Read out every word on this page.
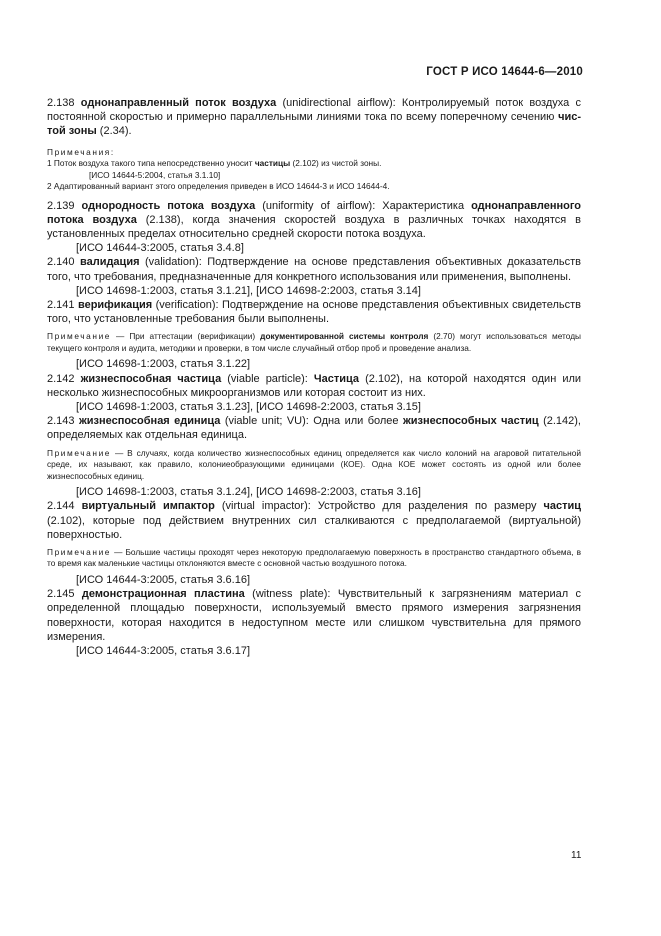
ГОСТ Р ИСО 14644-6—2010

2.138 однонаправленный поток воздуха (unidirectional airflow): Контролируемый поток воздуха с постоянной скоростью и примерно параллельными линиями тока по всему поперечному сечению чис-той зоны (2.34).

Примечания:

1 Поток воздуха такого типа непосредственно уносит частицы (2.102) из чистой зоны.

[ИСО 14644-5:2004, статья 3.1.10]

2 Адаптированный вариант этого определения приведен в ИСО 14644-3 и ИСО 14644-4.

2.139 однородность потока воздуха (uniformity of airflow): Характеристика однонаправленного потока воздуха (2.138), когда значения скоростей воздуха в различных точках находятся в установленных пределах относительно средней скорости потока воздуха.

[ИСО 14644-3:2005, статья 3.4.8]

2.140 валидация (validation): Подтверждение на основе представления объективных доказательств того, что требования, предназначенные для конкретного использования или применения, выполнены.

[ИСО 14698-1:2003, статья 3.1.21], [ИСО 14698-2:2003, статья 3.14]

2.141 верификация (verification): Подтверждение на основе представления объективных свидетельств того, что установленные требования были выполнены.

Примечание — При аттестации (верификации) документированной системы контроля (2.70) могут использоваться методы текущего контроля и аудита, методики и проверки, в том числе случайный отбор проб и проведение анализа.

[ИСО 14698-1:2003, статья 3.1.22]

2.142 жизнеспособная частица (viable particle): Частица (2.102), на которой находятся один или несколько жизнеспособных микроорганизмов или которая состоит из них.

[ИСО 14698-1:2003, статья 3.1.23], [ИСО 14698-2:2003, статья 3.15]

2.143 жизнеспособная единица (viable unit; VU): Одна или более жизнеспособных частиц (2.142), определяемых как отдельная единица.

Примечание — В случаях, когда количество жизнеспособных единиц определяется как число колоний на агаровой питательной среде, их называют, как правило, колониеобразующими единицами (КОЕ). Одна КОЕ может состоять из одной или более жизнеспособных единиц.

[ИСО 14698-1:2003, статья 3.1.24], [ИСО 14698-2:2003, статья 3.16]

2.144 виртуальный импактор (virtual impactor): Устройство для разделения по размеру частиц (2.102), которые под действием внутренних сил сталкиваются с предполагаемой (виртуальной) поверхностью.

Примечание — Большие частицы проходят через некоторую предполагаемую поверхность в пространство стандартного объема, в то время как маленькие частицы отклоняются вместе с основной частью воздушного потока.

[ИСО 14644-3:2005, статья 3.6.16]

2.145 демонстрационная пластина (witness plate): Чувствительный к загрязнениям материал с определенной площадью поверхности, используемый вместо прямого измерения загрязнения поверхности, которая находится в недоступном месте или слишком чувствительна для прямого измерения.

[ИСО 14644-3:2005, статья 3.6.17]

11
